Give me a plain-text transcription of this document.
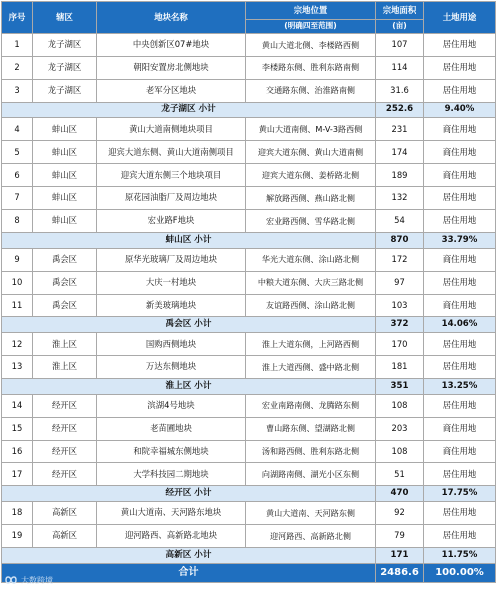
序号	辖区	地块名称	宗地位置	宗地面积	土地用途
			(明确四至范围)	(亩)	
1	龙子湖区	中央创新区07#地块	黄山大道北侧、李楼路西侧	107	居住用地
2	龙子湖区	朝阳安置房北侧地块	李楼路东侧、胜利东路南侧	114	居住用地
3	龙子湖区	老军分区地块	交通路东侧、治淮路南侧	31.6	居住用地
龙子湖区 小计				252.6	9.40%
4	蚌山区	黄山大道南侧地块项目	黄山大道南侧、M-V-3路西侧	231	商住用地
5	蚌山区	迎宾大道东侧、黄山大道南侧项目	迎宾大道东侧、黄山大道南侧	174	商住用地
6	蚌山区	迎宾大道东侧三个地块项目	迎宾大道东侧、姜桥路北侧	189	商住用地
7	蚌山区	原花园油脂厂及周边地块	解放路西侧、燕山路北侧	132	居住用地
8	蚌山区	宏业路F地块	宏业路西侧、雪华路北侧	54	居住用地
蚌山区 小计				870	33.79%
9	禹会区	原华光玻璃厂及周边地块	华光大道东侧、涂山路北侧	172	商住用地
10	禹会区	大庆一村地块	中粮大道东侧、大庆三路北侧	97	居住用地
11	禹会区	新美玻璃地块	友谊路西侧、涂山路北侧	103	商住用地
禹会区 小计				372	14.06%
12	淮上区	国购西侧地块	淮上大道东侧，上河路西侧	170	居住用地
13	淮上区	万达东侧地块	淮上大道西侧、盛中路北侧	181	居住用地
淮上区 小计				351	13.25%
14	经开区	滨湖4号地块	宏业南路南侧、龙腾路东侧	108	居住用地
15	经开区	老苗圃地块	曹山路东侧、望湖路北侧	203	商住用地
16	经开区	和院幸福城东侧地块	汤和路西侧、胜利东路北侧	108	商住用地
17	经开区	大学科技园二期地块	向湖路南侧、湖光小区东侧	51	居住用地
经开区 小计				470	17.75%
18	高新区	黄山大道南、天河路东地块	黄山大道南、天河路东侧	92	居住用地
19	高新区	迎河路西、高新路北地块	迎河路西、高新路北侧	79	居住用地
高新区 小计				171	11.75%
合计				2486.6	100.00%
大数跨境
